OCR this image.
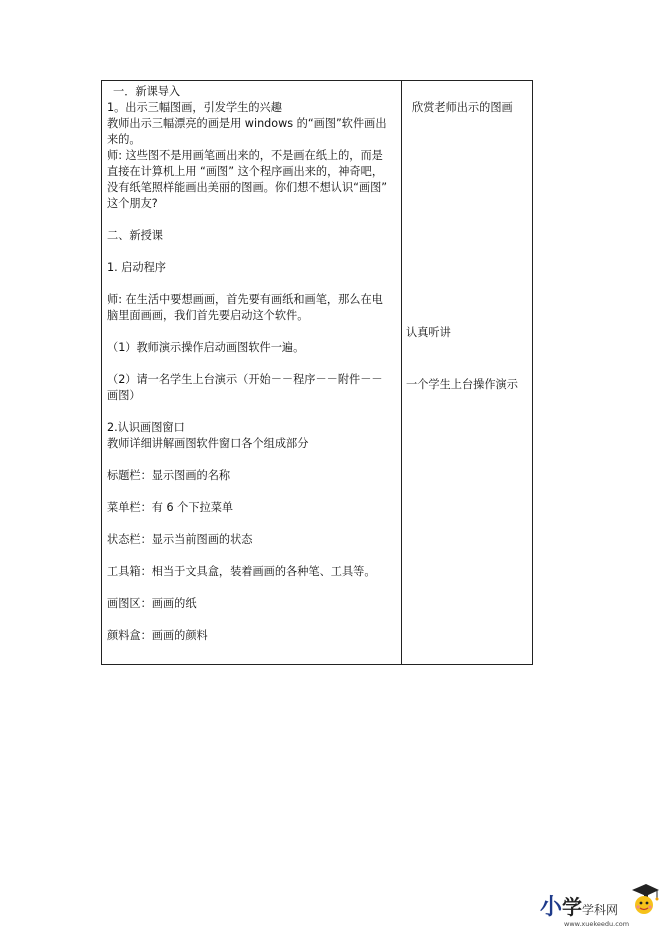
一．新课导入
1。出示三幅图画，引发学生的兴趣
教师出示三幅漂亮的画是用 windows 的“画图”软件画出
来的。
师: 这些图不是用画笔画出来的，不是画在纸上的，而是
直接在计算机上用 “画图” 这个程序画出来的，神奇吧，
没有纸笔照样能画出美丽的图画。你们想不想认识“画图”
这个朋友?
二、新授课
1. 启动程序
师: 在生活中要想画画，首先要有画纸和画笔，那么在电
脑里面画画，我们首先要启动这个软件。
（1）教师演示操作启动画图软件一遍。
（2）请一名学生上台演示（开始－－程序－－附件－－
画图）
2.认识画图窗口
教师详细讲解画图软件窗口各个组成部分
标题栏：显示图画的名称
菜单栏：有 6 个下拉菜单
状态栏：显示当前图画的状态
工具箱：相当于文具盒，装着画画的各种笔、工具等。
画图区：画画的纸
颜料盒：画画的颜料
欣赏老师出示的图画
认真听讲
一个学生上台操作演示
小学学科网
www.xuekeedu.com
